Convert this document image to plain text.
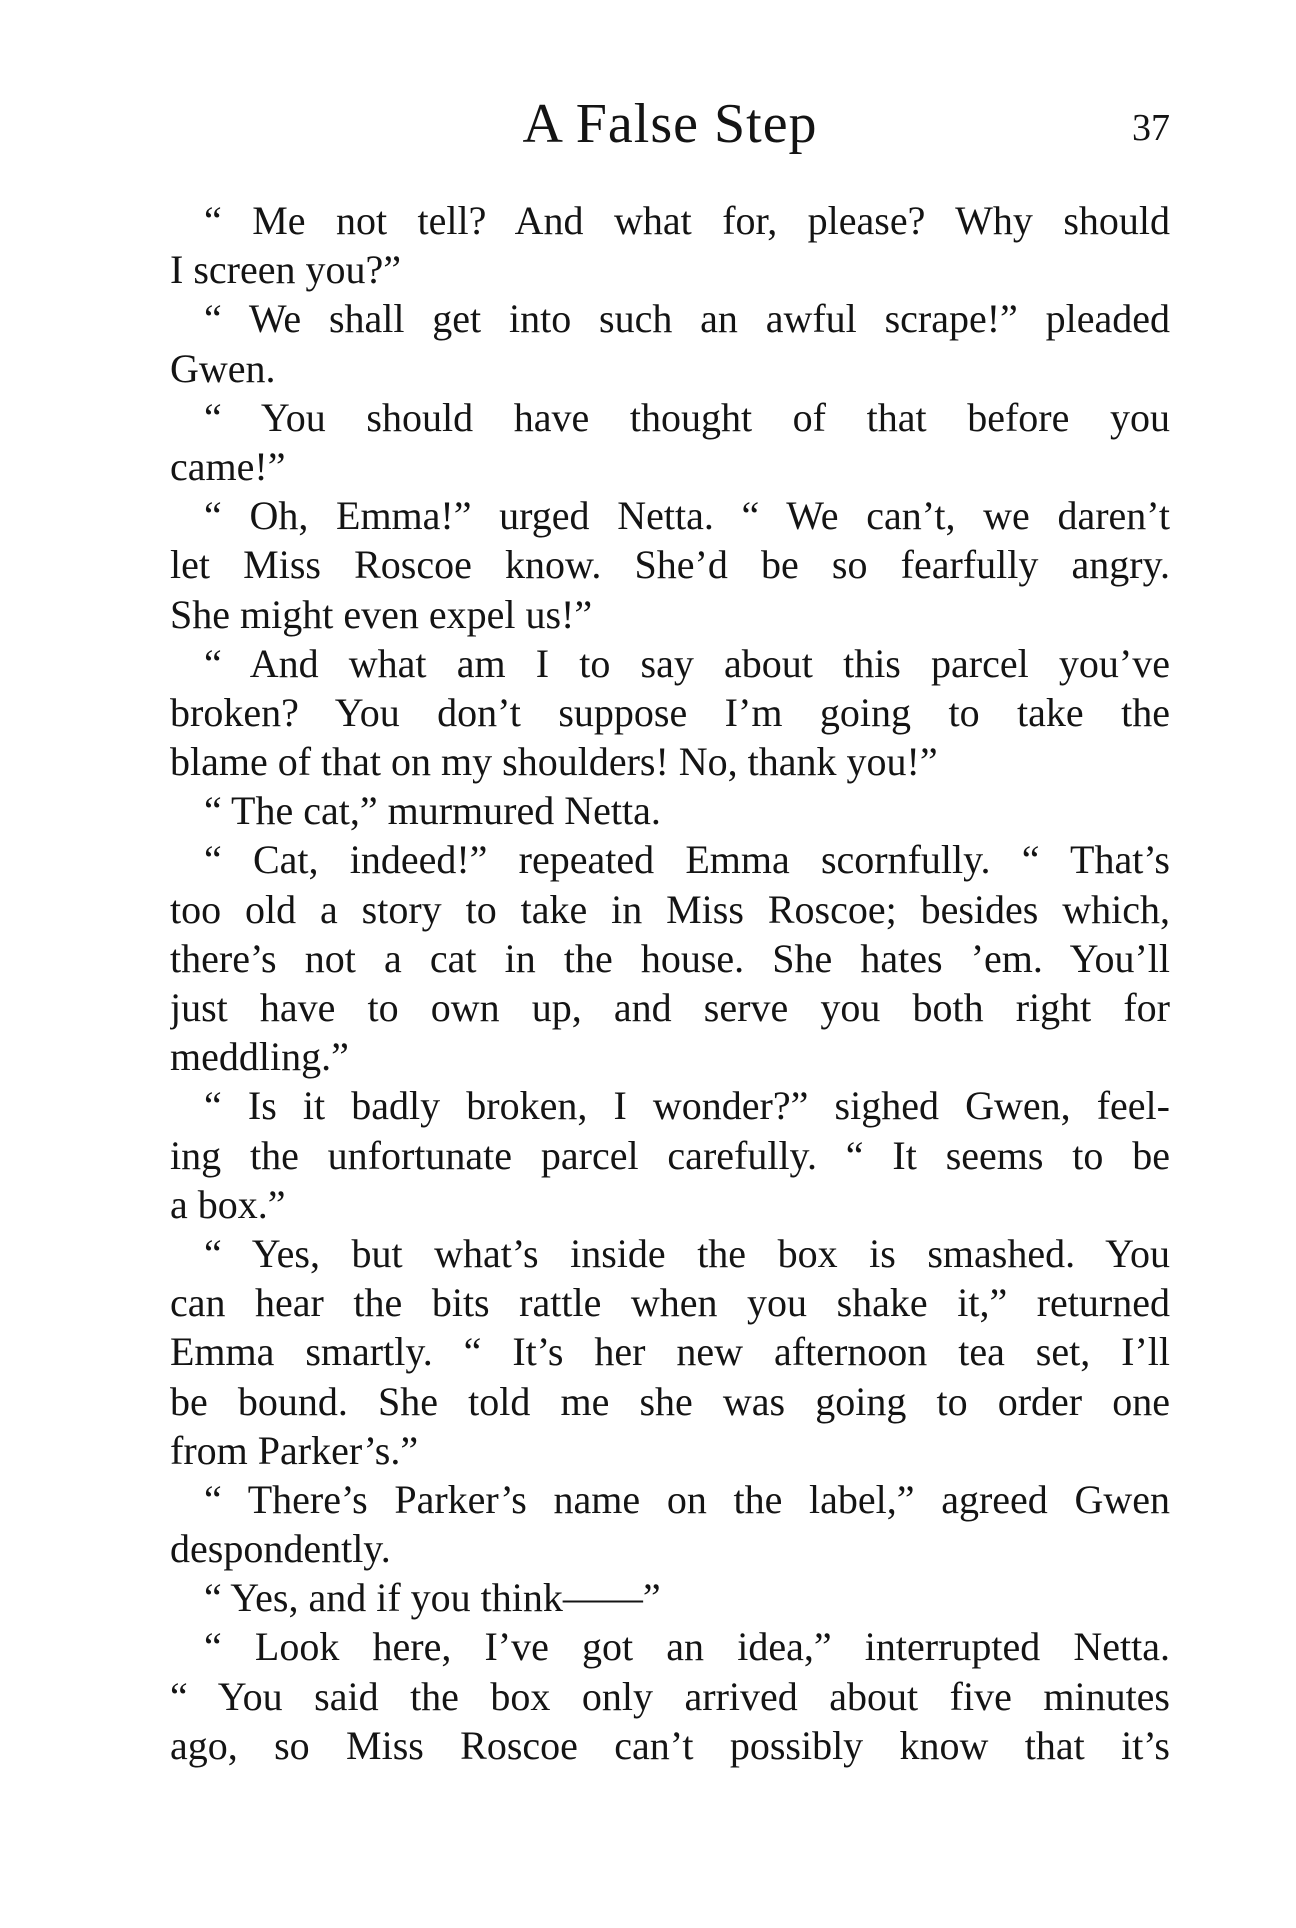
A False Step	37
“ Me not tell? And what for, please? Why should
I screen you?”
“ We shall get into such an awful scrape!” pleaded
Gwen.
“ You should have thought of that before you
came!”
“ Oh, Emma!” urged Netta. “ We can’t, we daren’t
let Miss Roscoe know. She’d be so fearfully angry.
She might even expel us!”
“ And what am I to say about this parcel you’ve
broken? You don’t suppose I’m going to take the
blame of that on my shoulders! No, thank you!”
“ The cat,” murmured Netta.
“ Cat, indeed!” repeated Emma scornfully. “ That’s
too old a story to take in Miss Roscoe; besides which,
there’s not a cat in the house. She hates ’em. You’ll
just have to own up, and serve you both right for
meddling.”
“ Is it badly broken, I wonder?” sighed Gwen, feel-
ing the unfortunate parcel carefully. “ It seems to be
a box.”
“ Yes, but what’s inside the box is smashed. You
can hear the bits rattle when you shake it,” returned
Emma smartly. “ It’s her new afternoon tea set, I’ll
be bound. She told me she was going to order one
from Parker’s.”
“ There’s Parker’s name on the label,” agreed Gwen
despondently.
“ Yes, and if you think——”
“ Look here, I’ve got an idea,” interrupted Netta.
“ You said the box only arrived about five minutes
ago, so Miss Roscoe can’t possibly know that it’s
